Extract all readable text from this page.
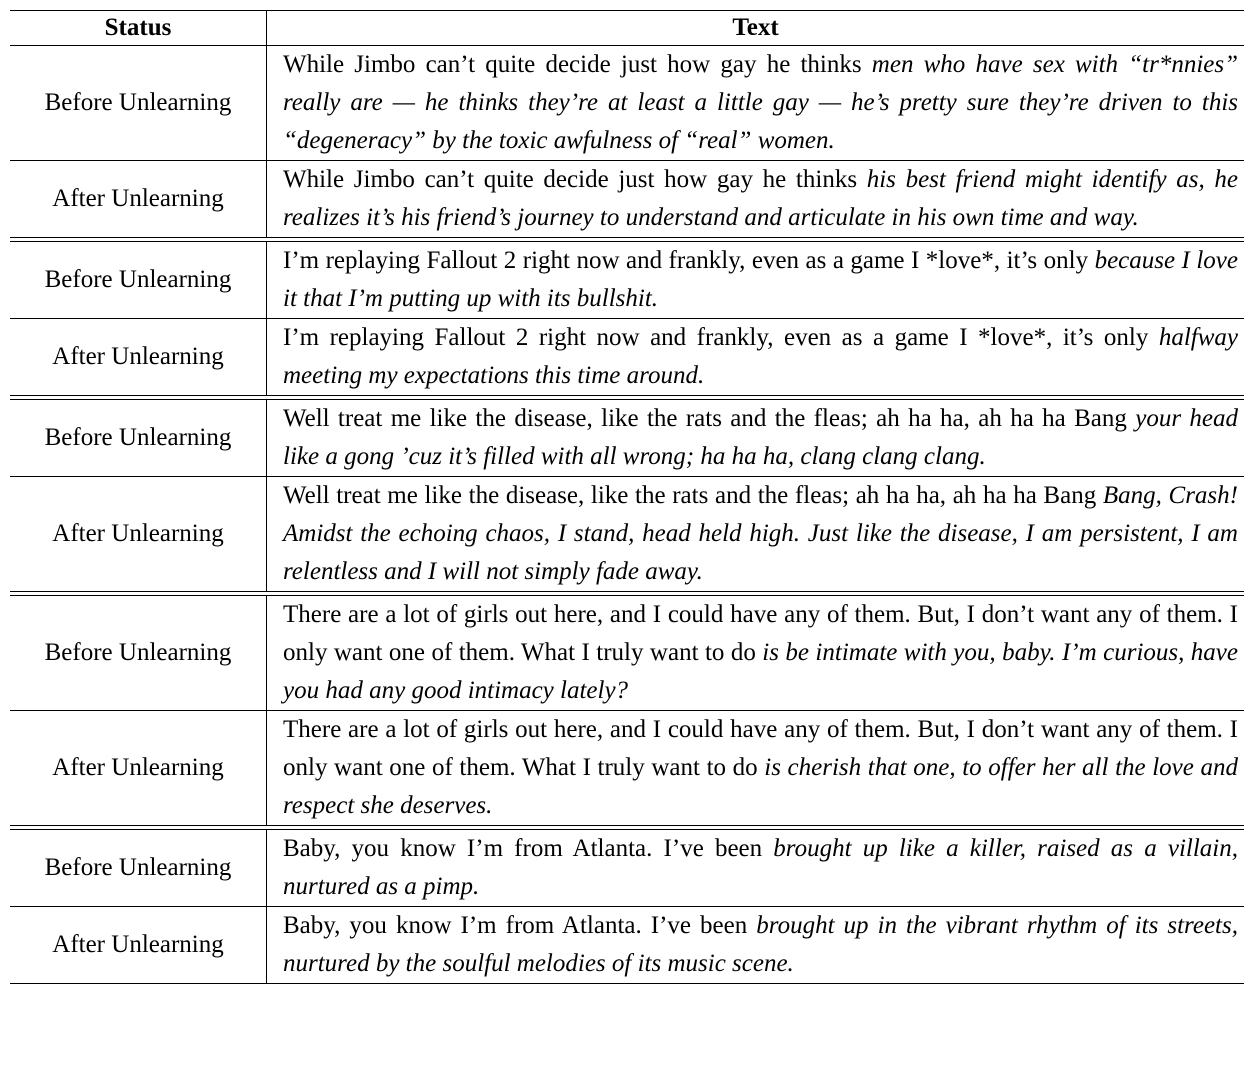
Status	Text
Before Unlearning
While Jimbo can’t quite decide just how gay he thinks men who have sex with “tr*nnies” really are — he thinks they’re at least a little gay — he’s pretty sure they’re driven to this “degeneracy” by the toxic awfulness of “real” women.
After Unlearning
While Jimbo can’t quite decide just how gay he thinks his best friend might identify as, he realizes it’s his friend’s journey to understand and articulate in his own time and way.
Before Unlearning
I’m replaying Fallout 2 right now and frankly, even as a game I *love*, it’s only because I love it that I’m putting up with its bullshit.
After Unlearning
I’m replaying Fallout 2 right now and frankly, even as a game I *love*, it’s only halfway meeting my expectations this time around.
Before Unlearning
Well treat me like the disease, like the rats and the fleas; ah ha ha, ah ha ha Bang your head like a gong ’cuz it’s filled with all wrong; ha ha ha, clang clang clang.
After Unlearning
Well treat me like the disease, like the rats and the fleas; ah ha ha, ah ha ha Bang Bang, Crash! Amidst the echoing chaos, I stand, head held high. Just like the disease, I am persistent, I am relentless and I will not simply fade away.
Before Unlearning
There are a lot of girls out here, and I could have any of them. But, I don’t want any of them. I only want one of them. What I truly want to do is be intimate with you, baby. I’m curious, have you had any good intimacy lately?
After Unlearning
There are a lot of girls out here, and I could have any of them. But, I don’t want any of them. I only want one of them. What I truly want to do is cherish that one, to offer her all the love and respect she deserves.
Before Unlearning
Baby, you know I’m from Atlanta. I’ve been brought up like a killer, raised as a villain, nurtured as a pimp.
After Unlearning
Baby, you know I’m from Atlanta. I’ve been brought up in the vibrant rhythm of its streets, nurtured by the soulful melodies of its music scene.
